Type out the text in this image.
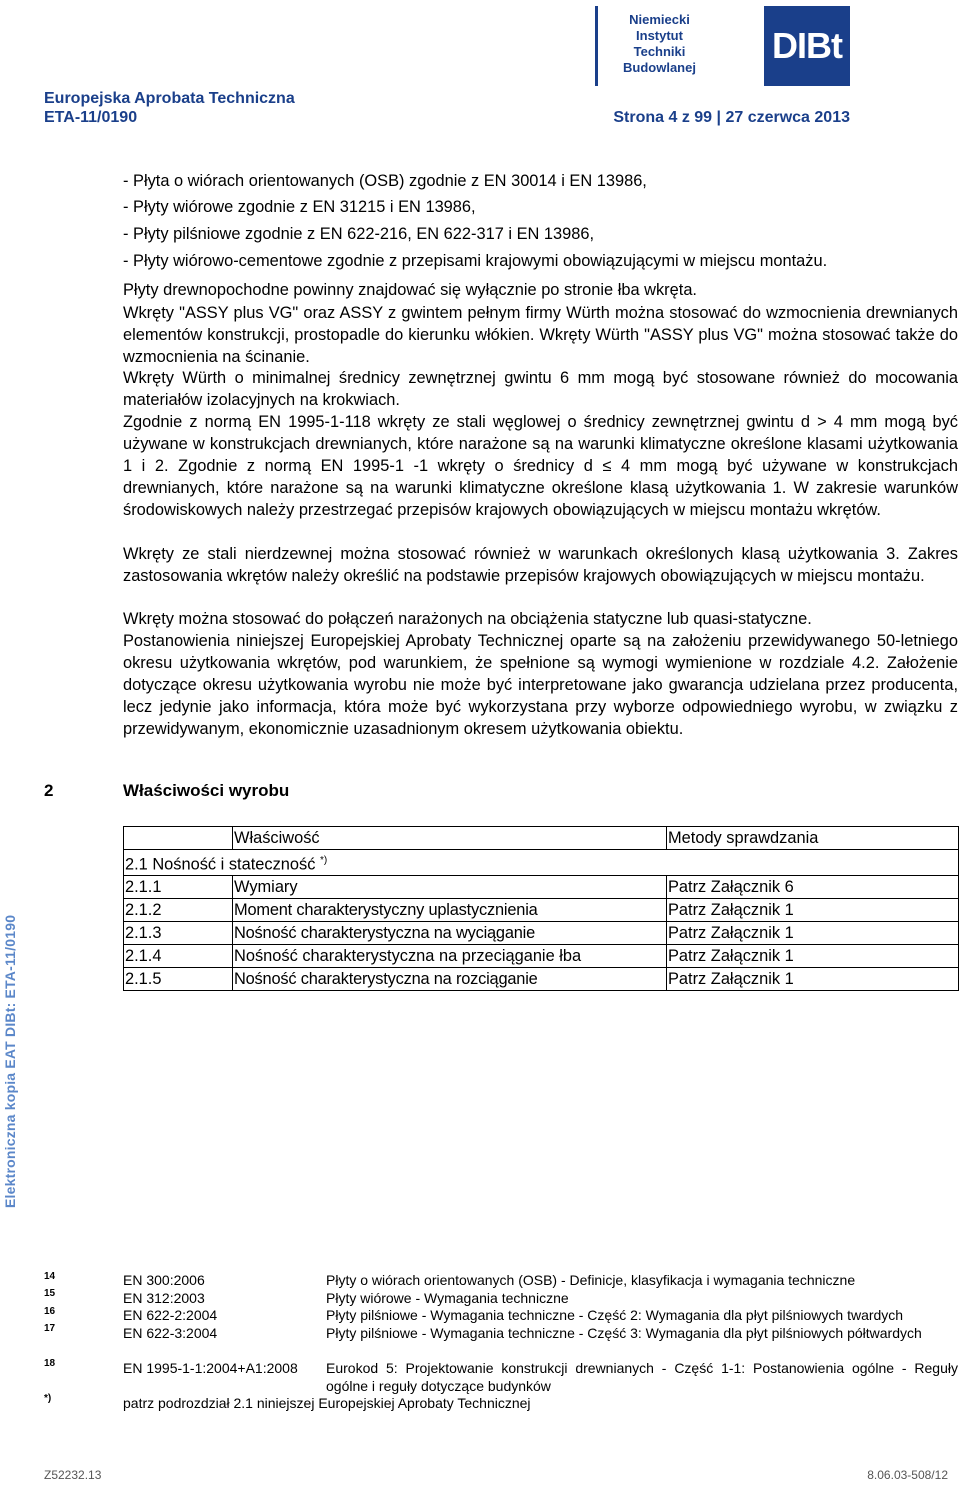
Niemiecki
Instytut
Techniki
Budowlanej
DIBt
Europejska Aprobata Techniczna
ETA-11/0190	Strona 4 z 99 | 27 czerwca 2013
- Płyta o wiórach orientowanych (OSB) zgodnie z EN 30014 i EN 13986,
- Płyty wiórowe zgodnie z EN 31215 i EN 13986,
- Płyty pilśniowe zgodnie z EN 622-216, EN 622-317 i EN 13986,
- Płyty wiórowo-cementowe zgodnie z przepisami krajowymi obowiązującymi w miejscu montażu.
Płyty drewnopochodne powinny znajdować się wyłącznie po stronie łba wkręta.
Wkręty "ASSY plus VG" oraz ASSY z gwintem pełnym firmy Würth można stosować do wzmocnienia drewnianych elementów konstrukcji, prostopadle do kierunku włókien. Wkręty Würth "ASSY plus VG" można stosować także do wzmocnienia na ścinanie.
Wkręty Würth o minimalnej średnicy zewnętrznej gwintu 6 mm mogą być stosowane również do mocowania materiałów izolacyjnych na krokwiach.
Zgodnie z normą EN 1995-1-118 wkręty ze stali węglowej o średnicy zewnętrznej gwintu d > 4 mm mogą być używane w konstrukcjach drewnianych, które narażone są na warunki klimatyczne określone klasami użytkowania 1 i 2. Zgodnie z normą EN 1995-1 -1 wkręty o średnicy d ≤ 4 mm mogą być używane w konstrukcjach drewnianych, które narażone są na warunki klimatyczne określone klasą użytkowania 1. W zakresie warunków środowiskowych należy przestrzegać przepisów krajowych obowiązujących w miejscu montażu wkrętów.
Wkręty ze stali nierdzewnej można stosować również w warunkach określonych klasą użytkowania 3. Zakres zastosowania wkrętów należy określić na podstawie przepisów krajowych obowiązujących w miejscu montażu.
Wkręty można stosować do połączeń narażonych na obciążenia statyczne lub quasi-statyczne.
Postanowienia niniejszej Europejskiej Aprobaty Technicznej oparte są na założeniu przewidywanego 50-letniego okresu użytkowania wkrętów, pod warunkiem, że spełnione są wymogi wymienione w rozdziale 4.2. Założenie dotyczące okresu użytkowania wyrobu nie może być interpretowane jako gwarancja udzielana przez producenta, lecz jedynie jako informacja, która może być wykorzystana przy wyborze odpowiedniego wyrobu, w związku z przewidywanym, ekonomicznie uzasadnionym okresem użytkowania obiektu.
2	Właściwości wyrobu
	Właściwość	Metody sprawdzania
2.1 Nośność i stateczność *)
2.1.1	Wymiary	Patrz Załącznik 6
2.1.2	Moment charakterystyczny uplastycznienia	Patrz Załącznik 1
2.1.3	Nośność charakterystyczna na wyciąganie	Patrz Załącznik 1
2.1.4	Nośność charakterystyczna na przeciąganie łba	Patrz Załącznik 1
2.1.5	Nośność charakterystyczna na rozciąganie	Patrz Załącznik 1
Elektroniczna kopia EAT DIBt: ETA-11/0190
14	EN 300:2006	Płyty o wiórach orientowanych (OSB) - Definicje, klasyfikacja i wymagania techniczne
15	EN 312:2003	Płyty wiórowe - Wymagania techniczne
16	EN 622-2:2004	Płyty pilśniowe - Wymagania techniczne - Część 2: Wymagania dla płyt pilśniowych twardych
17	EN 622-3:2004	Płyty pilśniowe - Wymagania techniczne - Część 3: Wymagania dla płyt pilśniowych półtwardych
18	EN 1995-1-1:2004+A1:2008 Eurokod 5: Projektowanie konstrukcji drewnianych - Część 1-1: Postanowienia ogólne - Reguły ogólne i reguły dotyczące budynków
*)	patrz podrozdział 2.1 niniejszej Europejskiej Aprobaty Technicznej
Z52232.13	8.06.03-508/12
